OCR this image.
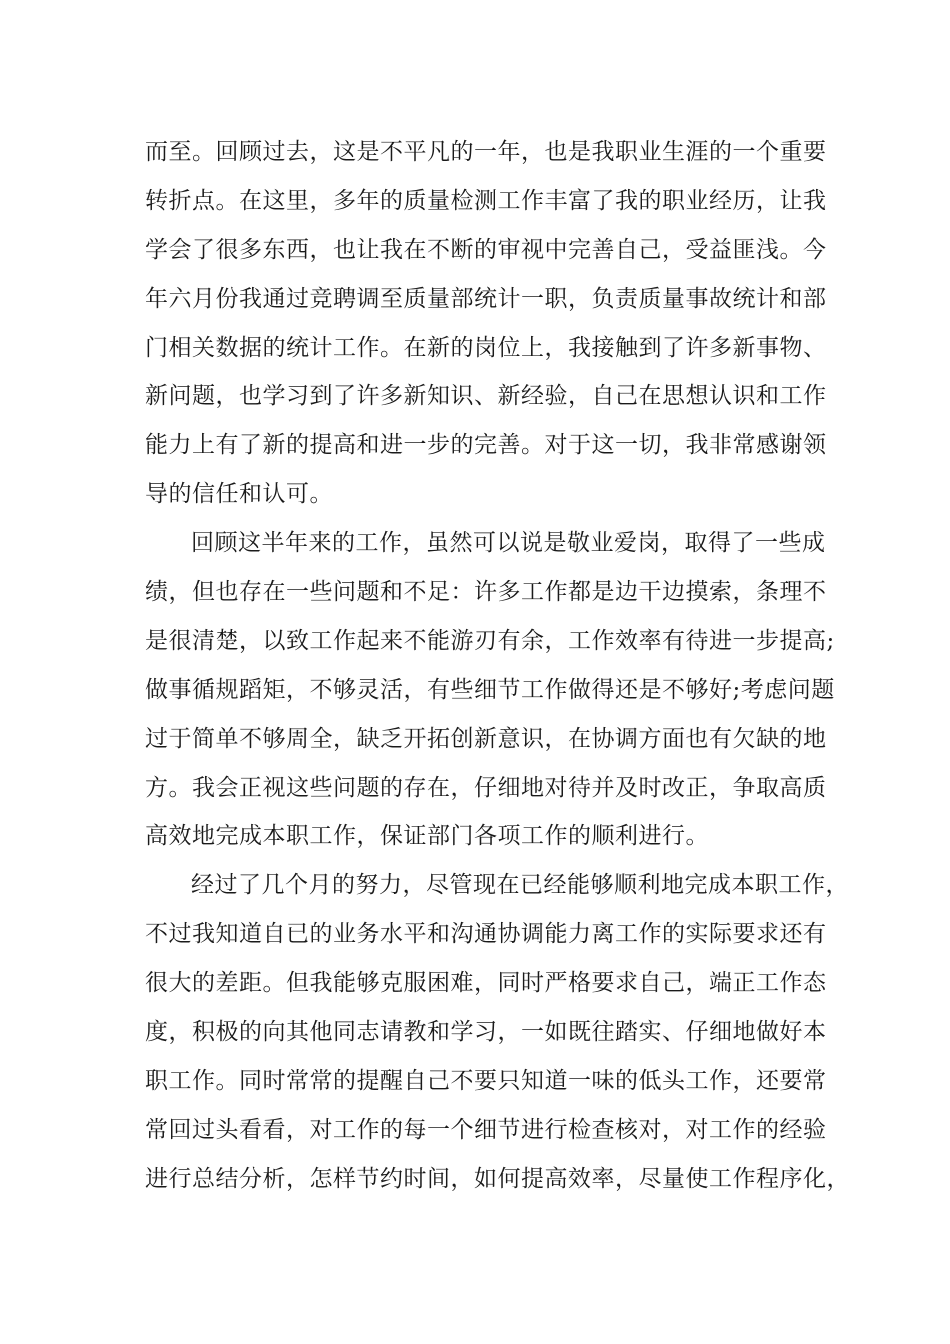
而至。回顾过去，这是不平凡的一年，也是我职业生涯的一个重要
转折点。在这里，多年的质量检测工作丰富了我的职业经历，让我
学会了很多东西，也让我在不断的审视中完善自己，受益匪浅。今
年六月份我通过竞聘调至质量部统计一职，负责质量事故统计和部
门相关数据的统计工作。在新的岗位上，我接触到了许多新事物、
新问题，也学习到了许多新知识、新经验，自己在思想认识和工作
能力上有了新的提高和进一步的完善。对于这一切，我非常感谢领
导的信任和认可。
回顾这半年来的工作，虽然可以说是敬业爱岗，取得了一些成
绩，但也存在一些问题和不足：许多工作都是边干边摸索，条理不
是很清楚，以致工作起来不能游刃有余，工作效率有待进一步提高;
做事循规蹈矩，不够灵活，有些细节工作做得还是不够好;考虑问题
过于简单不够周全，缺乏开拓创新意识，在协调方面也有欠缺的地
方。我会正视这些问题的存在，仔细地对待并及时改正，争取高质
高效地完成本职工作，保证部门各项工作的顺利进行。
经过了几个月的努力，尽管现在已经能够顺利地完成本职工作，
不过我知道自已的业务水平和沟通协调能力离工作的实际要求还有
很大的差距。但我能够克服困难，同时严格要求自己，端正工作态
度，积极的向其他同志请教和学习，一如既往踏实、仔细地做好本
职工作。同时常常的提醒自己不要只知道一味的低头工作，还要常
常回过头看看，对工作的每一个细节进行检查核对，对工作的经验
进行总结分析，怎样节约时间，如何提高效率，尽量使工作程序化，
